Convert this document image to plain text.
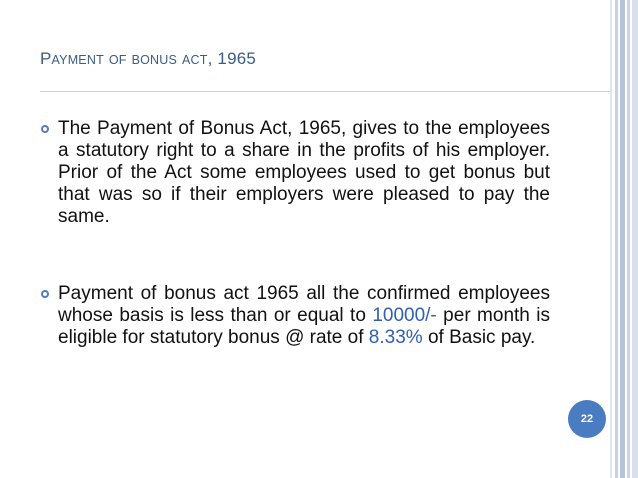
PAYMENT OF BONUS ACT, 1965
The Payment of Bonus Act, 1965, gives to the employees a statutory right to a share in the profits of his employer. Prior of the Act some employees used to get bonus but that was so if their employers were pleased to pay the same.
Payment of bonus act 1965 all the confirmed employees whose basis is less than or equal to 10000/- per month is eligible for statutory bonus @ rate of 8.33% of Basic pay.
22
